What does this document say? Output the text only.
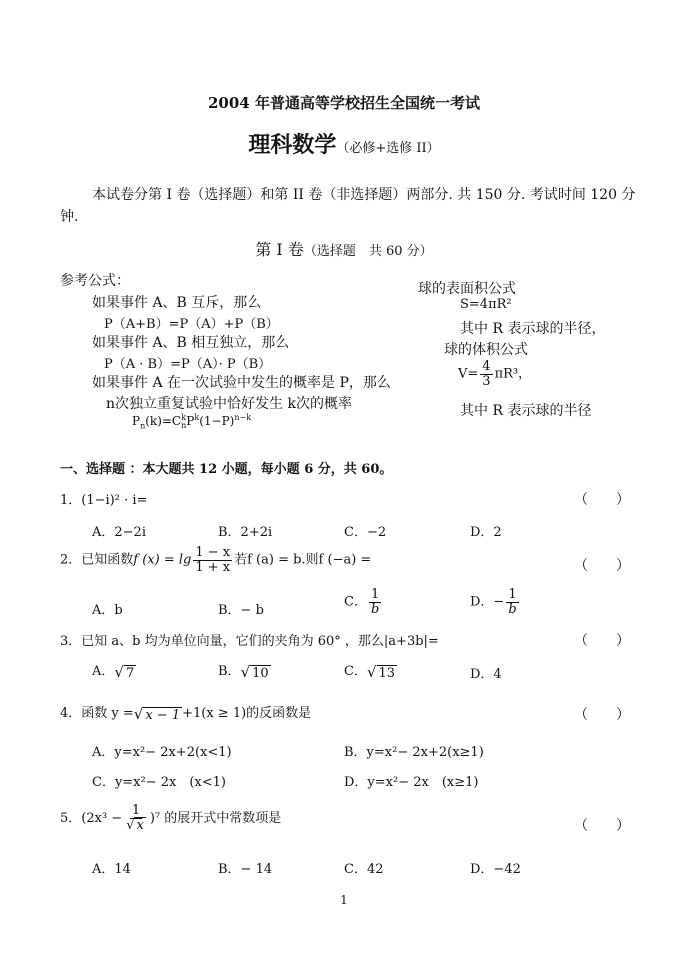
2004 年普通高等学校招生全国统一考试
理科数学（必修+选修 II）
本试卷分第 I 卷（选择题）和第 II 卷（非选择题）两部分. 共 150 分. 考试时间 120 分
钟.
第 Ⅰ 卷（选择题　共 60 分）
参考公式：
如果事件 A、B 互斥，那么
P（A+B）=P（A）+P（B）
如果事件 A、B 相互独立，那么
P（A · B）=P（A）· P（B）
如果事件 A 在一次试验中发生的概率是 P，那么
n次独立重复试验中恰好发生 k次的概率
$P_n(k)=C$ k
n $P^k(1-P)^{n-k}$
球的表面积公式
S=4πR²
其中 R 表示球的半径，
球的体积公式
$V= \frac{4}{3} \pi R^3$，
其中 R 表示球的半径
一、选择题 ：本大题共 12 小题，每小题 6 分，共 60。
1．(1−i)² · i=	（　　）
A．2−2i	B．2+2i	C．−2	D．2
2．已知函数f $(x) = \lg \frac{1 - x}{1 + x}$ 若f (a) = b.则f (−a) =	（　　）
A．b	B．− b
C． $\frac{1}{b}$	D．− $\frac{1}{b}$
3．已知 a、b 均为单位向量，它们的夹角为 60° ，那么|a+3b|=	（　　）
A．√ 7	B．√ 10	C．√ 13	D．4
4．函数 y =√ x − 1 +1(x ≥ 1)的反函数是	（　　）
A．y=x²− 2x+2(x<1)	B．y=x²− 2x+2(x≥1)
C．y=x²− 2x　(x<1)	D．y=x²− 2x　(x≥1)
5．$(2x^3 - \frac{1}{√ x} )^7$ 的展开式中常数项是	（　　）
A．14	B．− 14	C．42	D．−42
1
